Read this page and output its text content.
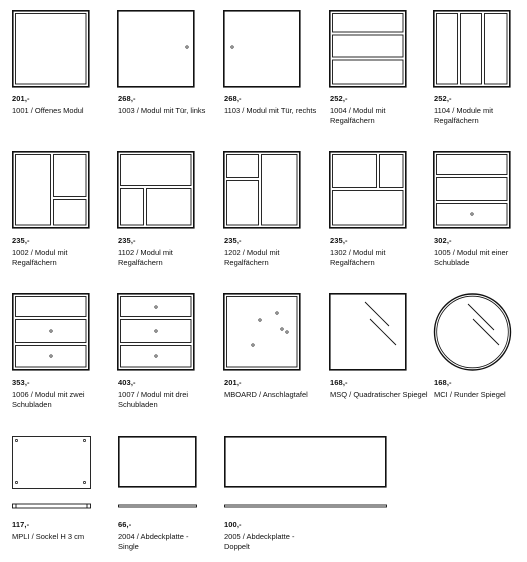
201,-
1001 / Offenes Modul
268,-
1003 / Modul mit Tür, links
268,-
1103 / Modul mit Tür, rechts
252,-
1004 / Modul mit Regalfächern
252,-
1104 / Module mit Regalfächern
235,-
1002 / Modul mit Regalfächern
235,-
1102 / Modul mit Regalfächern
235,-
1202 / Modul mit Regalfächern
235,-
1302 / Modul mit Regalfächern
302,-
1005 / Modul mit einer Schublade
353,-
1006 / Modul mit zwei Schubladen
403,-
1007 / Modul mit drei Schubladen
201,-
MBOARD / Anschlagtafel
168,-
MSQ / Quadratischer Spiegel
168,-
MCI / Runder Spiegel
117,-
MPLI / Sockel H 3 cm
66,-
2004 / Abdeckplatte - Single
100,-
2005 / Abdeckplatte - Doppelt
